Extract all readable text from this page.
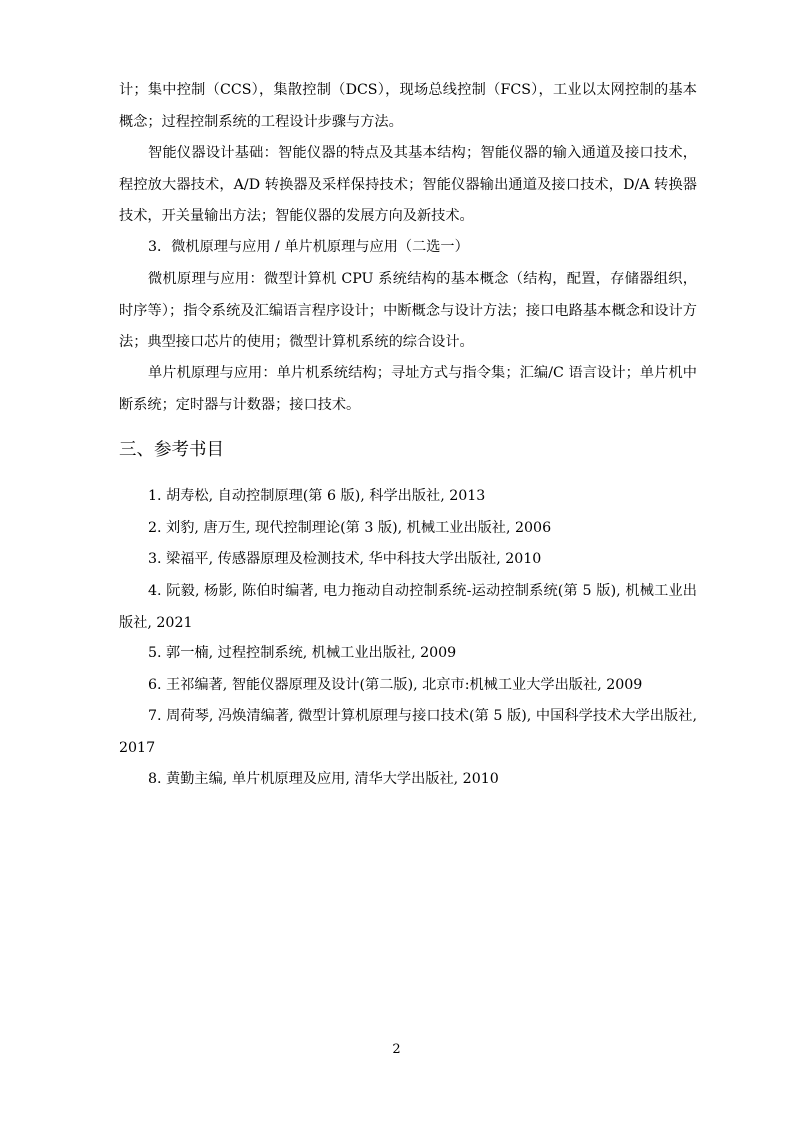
计；集中控制（CCS），集散控制（DCS），现场总线控制（FCS），工业以太网控制的基本概念；过程控制系统的工程设计步骤与方法。

智能仪器设计基础：智能仪器的特点及其基本结构；智能仪器的输入通道及接口技术，程控放大器技术，A/D 转换器及采样保持技术；智能仪器输出通道及接口技术，D/A 转换器技术，开关量输出方法；智能仪器的发展方向及新技术。

3．微机原理与应用 / 单片机原理与应用（二选一）

微机原理与应用：微型计算机 CPU 系统结构的基本概念（结构，配置，存储器组织，时序等）；指令系统及汇编语言程序设计；中断概念与设计方法；接口电路基本概念和设计方法；典型接口芯片的使用；微型计算机系统的综合设计。

单片机原理与应用：单片机系统结构；寻址方式与指令集；汇编/C 语言设计；单片机中断系统；定时器与计数器；接口技术。

三、参考书目

1. 胡寿松, 自动控制原理(第 6 版), 科学出版社, 2013

2. 刘豹, 唐万生, 现代控制理论(第 3 版), 机械工业出版社, 2006

3. 梁福平, 传感器原理及检测技术, 华中科技大学出版社, 2010

4. 阮毅, 杨影, 陈伯时编著, 电力拖动自动控制系统-运动控制系统(第 5 版), 机械工业出版社, 2021

5. 郭一楠, 过程控制系统, 机械工业出版社, 2009

6. 王祁编著, 智能仪器原理及设计(第二版), 北京市:机械工业大学出版社, 2009

7. 周荷琴, 冯焕清编著, 微型计算机原理与接口技术(第 5 版), 中国科学技术大学出版社, 2017

8. 黄勤主编, 单片机原理及应用, 清华大学出版社, 2010

2
